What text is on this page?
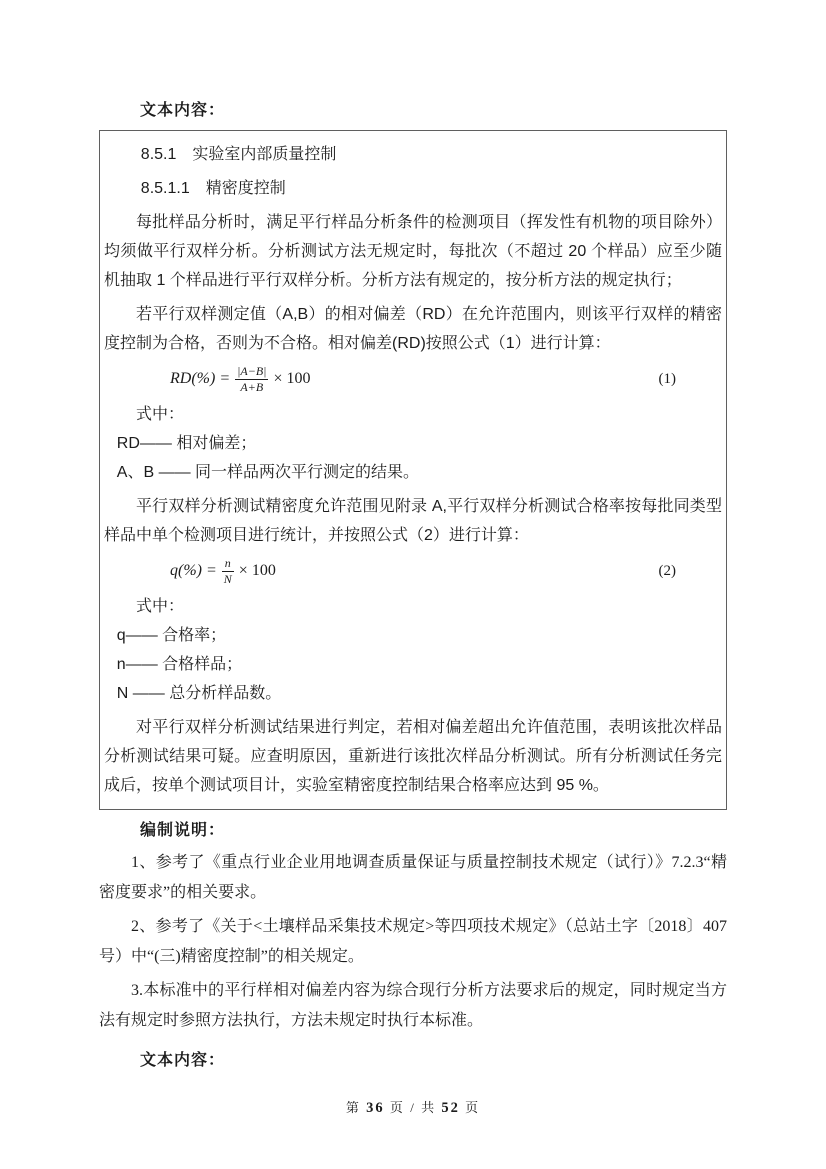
文本内容：

8.5.1　实验室内部质量控制

8.5.1.1　精密度控制

每批样品分析时，满足平行样品分析条件的检测项目（挥发性有机物的项目除外）均须做平行双样分析。分析测试方法无规定时，每批次（不超过 20 个样品）应至少随机抽取 1 个样品进行平行双样分析。分析方法有规定的，按分析方法的规定执行；

若平行双样测定值（A,B）的相对偏差（RD）在允许范围内，则该平行双样的精密度控制为合格，否则为不合格。相对偏差(RD)按照公式（1）进行计算：

$RD(\%) = \frac{|A-B|}{A+B} \times 100$	(1)

式中：

RD—— 相对偏差；

A、B —— 同一样品两次平行测定的结果。

平行双样分析测试精密度允许范围见附录 A,平行双样分析测试合格率按每批同类型样品中单个检测项目进行统计，并按照公式（2）进行计算：

$q(\%) = \frac{n}{N} \times 100$	(2)

式中：

q—— 合格率；

n—— 合格样品；

N —— 总分析样品数。

对平行双样分析测试结果进行判定，若相对偏差超出允许值范围，表明该批次样品分析测试结果可疑。应查明原因，重新进行该批次样品分析测试。所有分析测试任务完成后，按单个测试项目计，实验室精密度控制结果合格率应达到 95 %。

编制说明：

1、参考了《重点行业企业用地调查质量保证与质量控制技术规定（试行）》7.2.3“精密度要求”的相关要求。

2、参考了《关于<土壤样品采集技术规定>等四项技术规定》（总站土字〔2018〕407号）中“(三)精密度控制”的相关规定。

3.本标准中的平行样相对偏差内容为综合现行分析方法要求后的规定，同时规定当方法有规定时参照方法执行，方法未规定时执行本标准。

文本内容：
第 36 页 / 共 52 页
